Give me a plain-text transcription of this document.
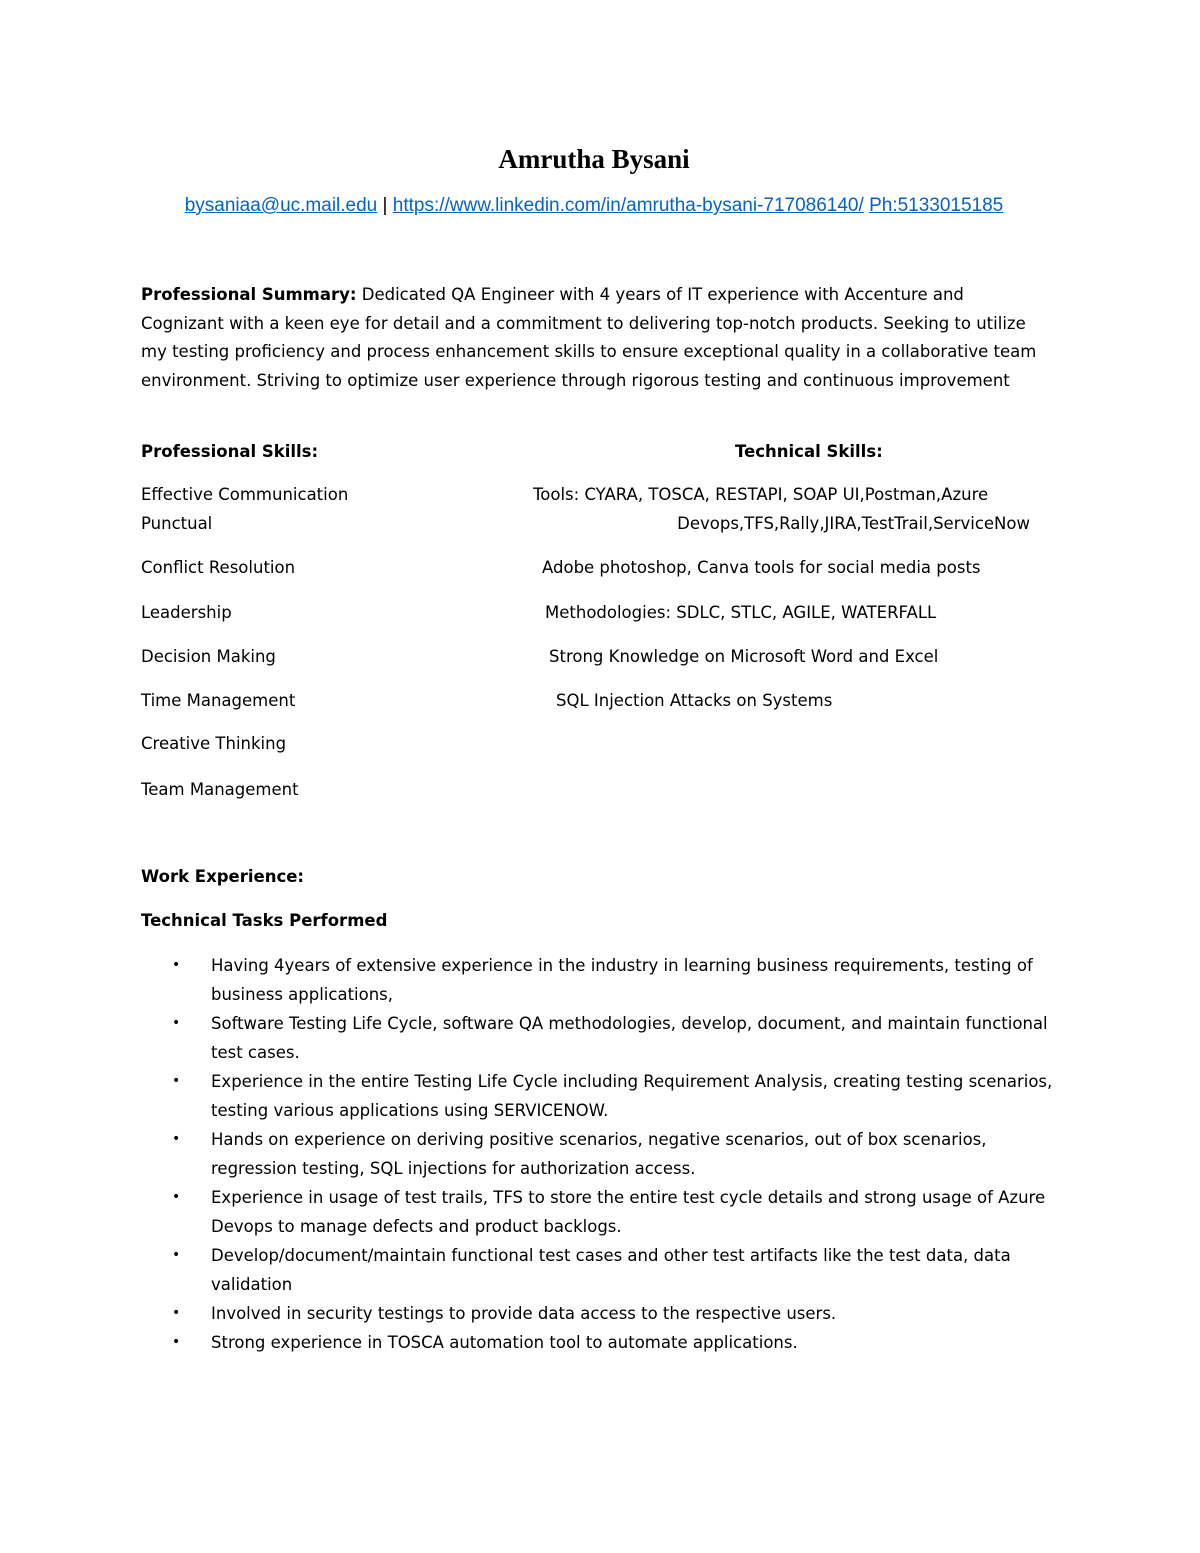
Amrutha Bysani
bysaniaa@uc.mail.edu | https://www.linkedin.com/in/amrutha-bysani-717086140/ Ph:5133015185
Professional Summary: Dedicated QA Engineer with 4 years of IT experience with Accenture and Cognizant with a keen eye for detail and a commitment to delivering top-notch products. Seeking to utilize my testing proficiency and process enhancement skills to ensure exceptional quality in a collaborative team environment. Striving to optimize user experience through rigorous testing and continuous improvement
Professional Skills:	Technical Skills:
Effective Communication
Punctual
Conflict Resolution
Leadership
Decision Making
Time Management
Creative Thinking
Team Management
Tools: CYARA, TOSCA, RESTAPI, SOAP UI,Postman,Azure
Devops,TFS,Rally,JIRA,TestTrail,ServiceNow
Adobe photoshop, Canva tools for social media posts
Methodologies: SDLC, STLC, AGILE, WATERFALL
Strong Knowledge on Microsoft Word and Excel
SQL Injection Attacks on Systems
Work Experience:
Technical Tasks Performed
• Having 4years of extensive experience in the industry in learning business requirements, testing of business applications,
• Software Testing Life Cycle, software QA methodologies, develop, document, and maintain functional test cases.
• Experience in the entire Testing Life Cycle including Requirement Analysis, creating testing scenarios, testing various applications using SERVICENOW.
• Hands on experience on deriving positive scenarios, negative scenarios, out of box scenarios, regression testing, SQL injections for authorization access.
• Experience in usage of test trails, TFS to store the entire test cycle details and strong usage of Azure Devops to manage defects and product backlogs.
• Develop/document/maintain functional test cases and other test artifacts like the test data, data validation
• Involved in security testings to provide data access to the respective users.
• Strong experience in TOSCA automation tool to automate applications.
